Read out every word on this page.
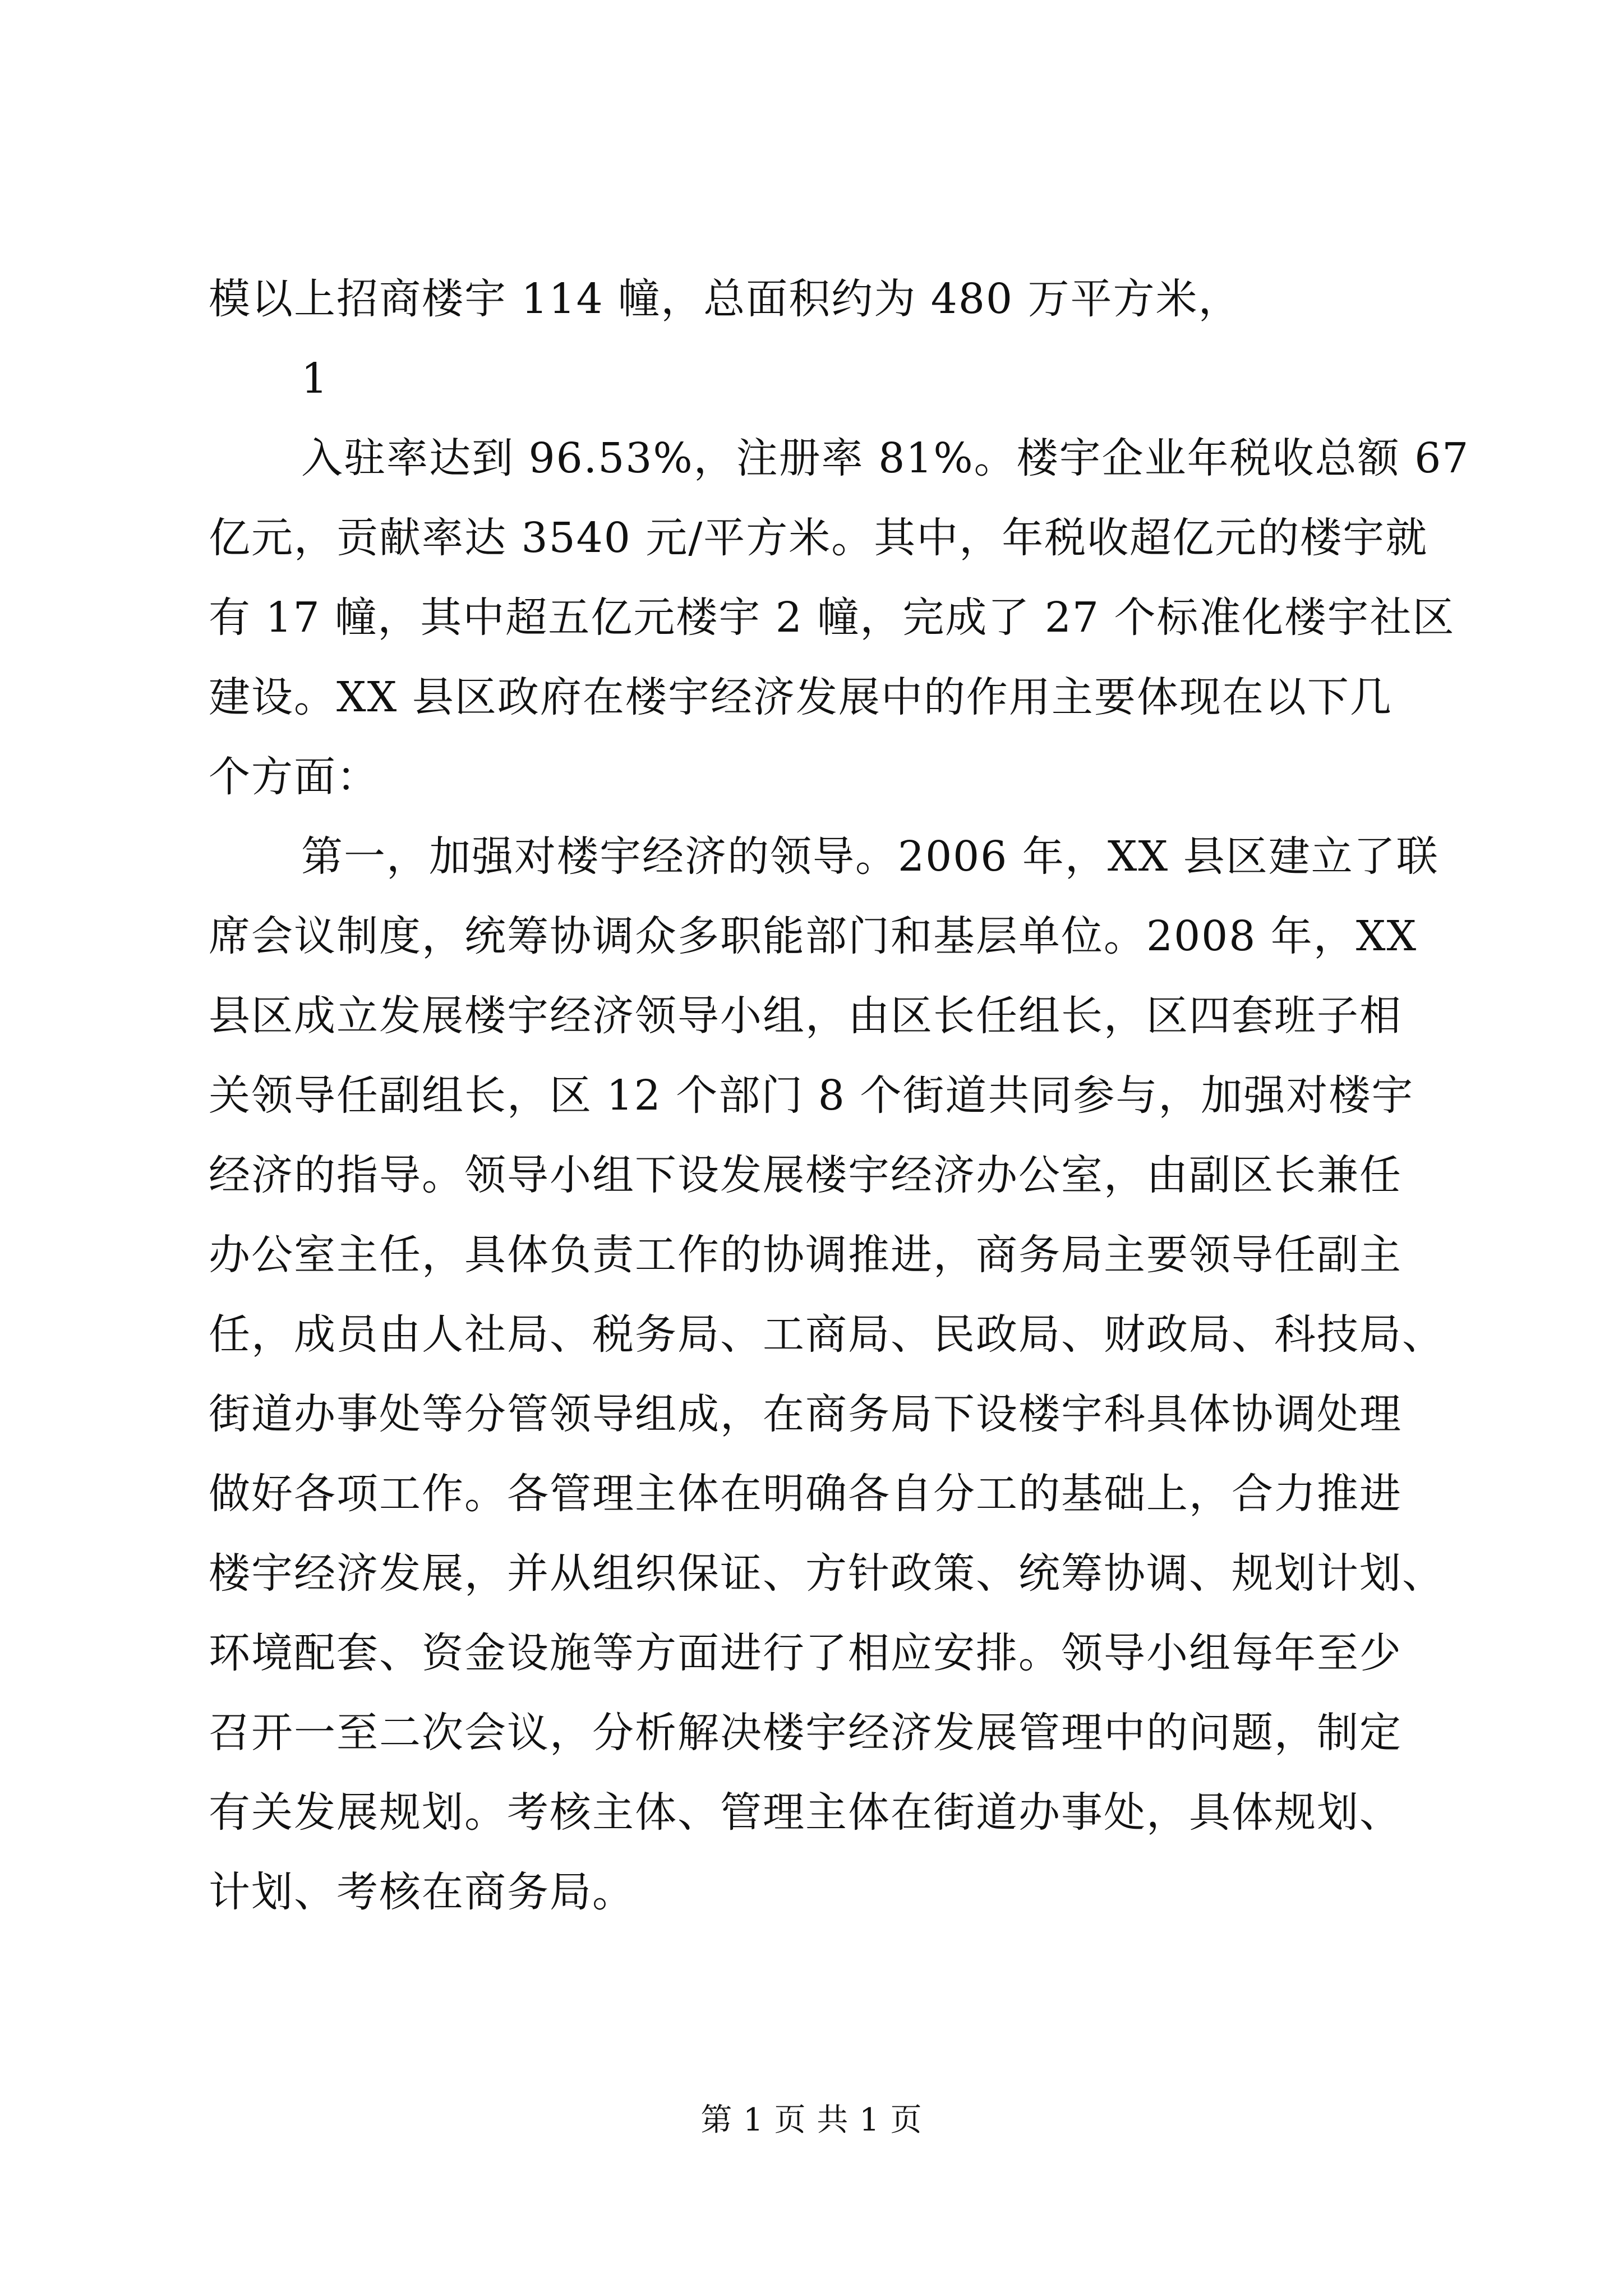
模以上招商楼宇 114 幢，总面积约为 480 万平方米，

1

入驻率达到 96.53%，注册率 81%。楼宇企业年税收总额 67

亿元，贡献率达 3540 元/平方米。其中，年税收超亿元的楼宇就

有 17 幢，其中超五亿元楼宇 2 幢，完成了 27 个标准化楼宇社区

建设。XX 县区政府在楼宇经济发展中的作用主要体现在以下几

个方面：

第一，加强对楼宇经济的领导。2006 年，XX 县区建立了联

席会议制度，统筹协调众多职能部门和基层单位。2008 年，XX

县区成立发展楼宇经济领导小组，由区长任组长，区四套班子相

关领导任副组长，区 12 个部门 8 个街道共同参与，加强对楼宇

经济的指导。领导小组下设发展楼宇经济办公室，由副区长兼任

办公室主任，具体负责工作的协调推进，商务局主要领导任副主

任，成员由人社局、税务局、工商局、民政局、财政局、科技局、

街道办事处等分管领导组成，在商务局下设楼宇科具体协调处理

做好各项工作。各管理主体在明确各自分工的基础上，合力推进

楼宇经济发展，并从组织保证、方针政策、统筹协调、规划计划、

环境配套、资金设施等方面进行了相应安排。领导小组每年至少

召开一至二次会议，分析解决楼宇经济发展管理中的问题，制定

有关发展规划。考核主体、管理主体在街道办事处，具体规划、

计划、考核在商务局。

第 1 页 共 1 页
